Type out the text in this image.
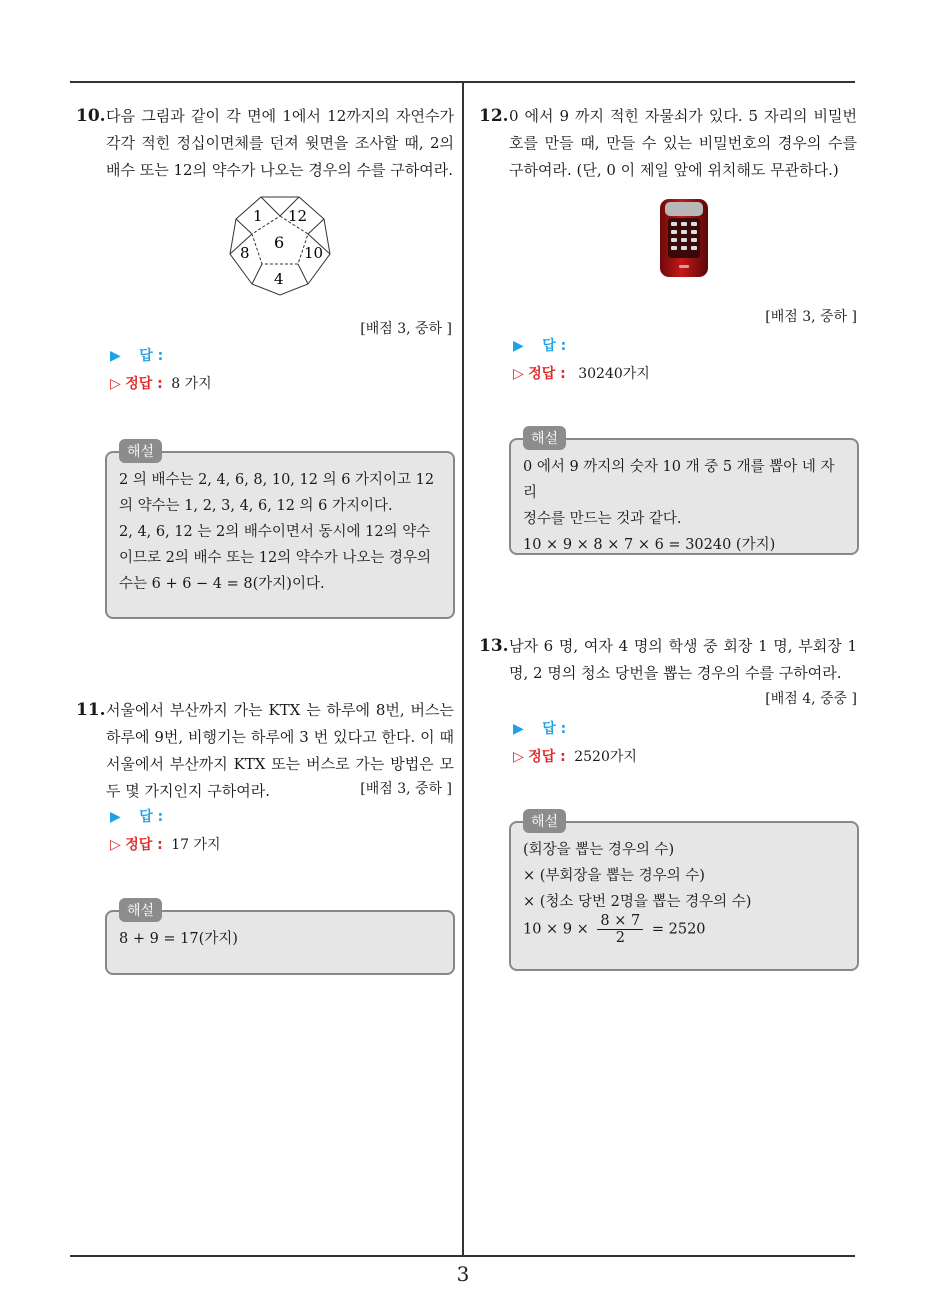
10. 다음 그림과 같이 각 면에 1에서 12까지의 자연수가 각각 적힌 정십이면체를 던져 윗면을 조사할 때, 2의 배수 또는 12의 약수가 나오는 경우의 수를 구하여라.
1 12
6
8	10
4
[배점 3, 중하 ]
▶ 답 :
▷ 정답 : 8 가지
해설
2 의 배수는 2, 4, 6, 8, 10, 12 의 6 가지이고 12
의 약수는 1, 2, 3, 4, 6, 12 의 6 가지이다.
2, 4, 6, 12 는 2의 배수이면서 동시에 12의 약수
이므로 2의 배수 또는 12의 약수가 나오는 경우의
수는 6 + 6 − 4 = 8(가지)이다.
11. 서울에서 부산까지 가는 KTX 는 하루에 8번, 버스는 하루에 9번, 비행기는 하루에 3 번 있다고 한다. 이 때 서울에서 부산까지 KTX 또는 버스로 가는 방법은 모두 몇 가지인지 구하여라.	[배점 3, 중하 ]
▶ 답 :
▷ 정답 : 17 가지
해설
8 + 9 = 17(가지)
12. 0 에서 9 까지 적힌 자물쇠가 있다. 5 자리의 비밀번호를 만들 때, 만들 수 있는 비밀번호의 경우의 수를 구하여라. (단, 0 이 제일 앞에 위치해도 무관하다.)
[배점 3, 중하 ]
▶ 답 :
▷ 정답 : 30240가지
해설
0 에서 9 까지의 숫자 10 개 중 5 개를 뽑아 네 자리
정수를 만드는 것과 같다.
10 × 9 × 8 × 7 × 6 = 30240 (가지)
13. 남자 6 명, 여자 4 명의 학생 중 회장 1 명, 부회장 1 명, 2 명의 청소 당번을 뽑는 경우의 수를 구하여라.
[배점 4, 중중 ]
▶ 답 :
▷ 정답 : 2520가지
해설
(회장을 뽑는 경우의 수)
× (부회장을 뽑는 경우의 수)
× (청소 당번 2명을 뽑는 경우의 수)
$10 \times 9 \times \frac{8 \times 7}{2} = 2520$
3
